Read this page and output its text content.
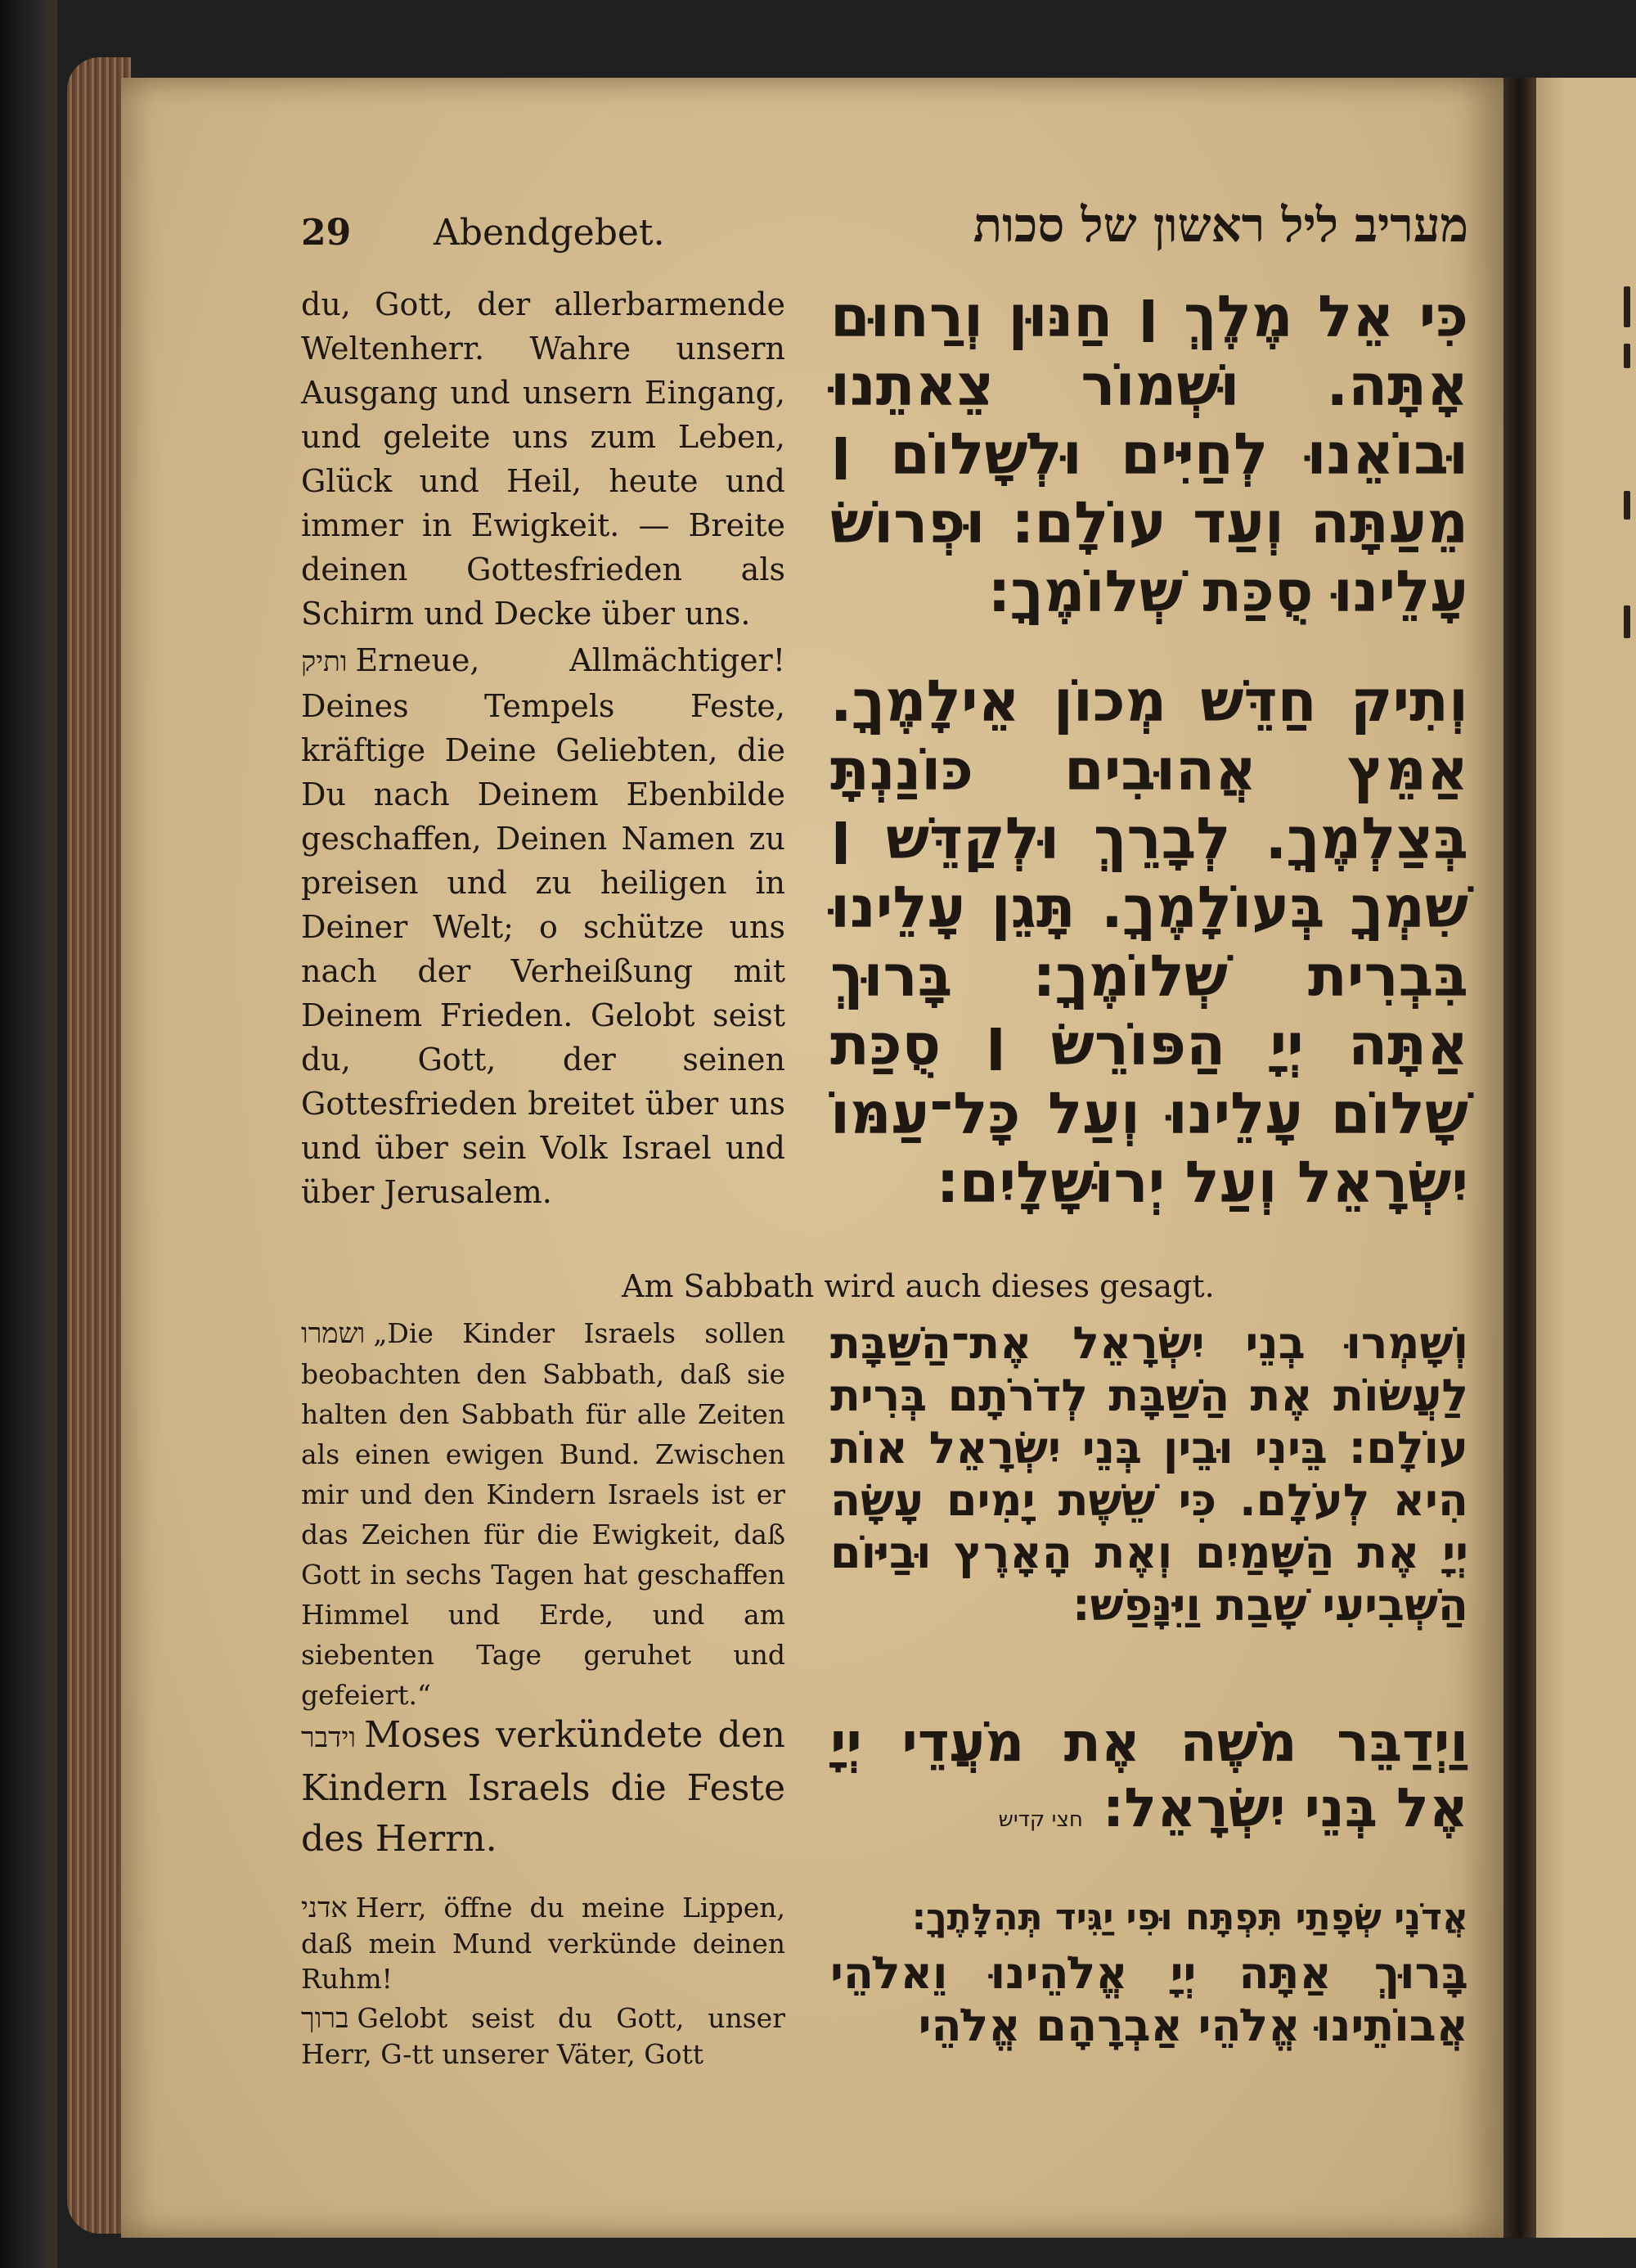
29 Abendgebet.	מעריב ליל ראשון של סכות
du, Gott, der allerbarmende Weltenherr. Wahre unsern Ausgang und unsern Eingang, und geleite uns zum Leben, Glück und Heil, heute und immer in Ewigkeit. — Breite deinen Gottesfrieden als Schirm und Decke über uns.
כִּי אֵל מֶלֶךְ ׀ חַנּוּן וְרַחוּם אָתָּה. וּשְׁמוֹר צֵאתֵנוּ וּבוֹאֵנוּ לְחַיִּים וּלְשָׁלוֹם ׀ מֵעַתָּה וְעַד עוֹלָם: וּפְרוֹשׂ עָלֵינוּ סֻכַּת שְׁלוֹמֶךָ:
ותיק Erneue, Allmächtiger! Deines Tempels Feste, kräftige Deine Geliebten, die Du nach Deinem Ebenbilde geschaffen, Deinen Namen zu preisen und zu heiligen in Deiner Welt; o schütze uns nach der Verheißung mit Deinem Frieden. Gelobt seist du, Gott, der seinen Gottesfrieden breitet über uns und über sein Volk Israel und über Jerusalem.
וְתִיק חַדֵּשׁ מְכוֹן אֵילָמֶךָ. אַמֵּץ אֲהוּבִים כּוֹנַנְתָּ בְּצַלְמֶךָ. לְבָרֵךְ וּלְקַדֵּשׁ ׀ שִׁמְךָ בְּעוֹלָמֶךָ. תָּגֵן עָלֵינוּ בִּבְרִית שְׁלוֹמֶךָ: בָּרוּךְ אַתָּה יְיָ הַפּוֹרֵשׂ ׀ סֻכַּת שָׁלוֹם עָלֵינוּ וְעַל כָּל־עַמּוֹ יִשְׂרָאֵל וְעַל יְרוּשָׁלָיִם:
Am Sabbath wird auch dieses gesagt.
ושמרו „Die Kinder Israels sollen beobachten den Sabbath, daß sie halten den Sabbath für alle Zeiten als einen ewigen Bund. Zwischen mir und den Kindern Israels ist er das Zeichen für die Ewigkeit, daß Gott in sechs Tagen hat geschaffen Himmel und Erde, und am siebenten Tage geruhet und gefeiert.“
וְשָׁמְרוּ בְנֵי יִשְׂרָאֵל אֶת־הַשַּׁבָּת לַעֲשׂוֹת אֶת הַשַּׁבָּת לְדֹרֹתָם בְּרִית עוֹלָם: בֵּינִי וּבֵין בְּנֵי יִשְׂרָאֵל אוֹת הִיא לְעֹלָם. כִּי שֵׁשֶׁת יָמִים עָשָׂה יְיָ אֶת הַשָּׁמַיִם וְאֶת הָאָרֶץ וּבַיּוֹם הַשְּׁבִיעִי שָׁבַת וַיִּנָּפַשׁ:
וידבר Moses verkündete den Kindern Israels die Feste des Herrn.
וַיְדַבֵּר מֹשֶׁה אֶת מֹעֲדֵי יְיָ אֶל בְּנֵי יִשְׂרָאֵל:חצי קדיש
אדני Herr, öffne du meine Lippen, daß mein Mund verkünde deinen Ruhm!
אֲדֹנָי שְׂפָתַי תִּפְתָּח וּפִי יַגִּיד תְּהִלָּתֶךָ:
ברוך Gelobt seist du Gott, unser Herr, G-tt unserer Väter, Gott
בָּרוּךְ אַתָּה יְיָ אֱלֹהֵינוּ וֵאלֹהֵי אֲבוֹתֵינוּ אֱלֹהֵי אַבְרָהָם אֱלֹהֵי
